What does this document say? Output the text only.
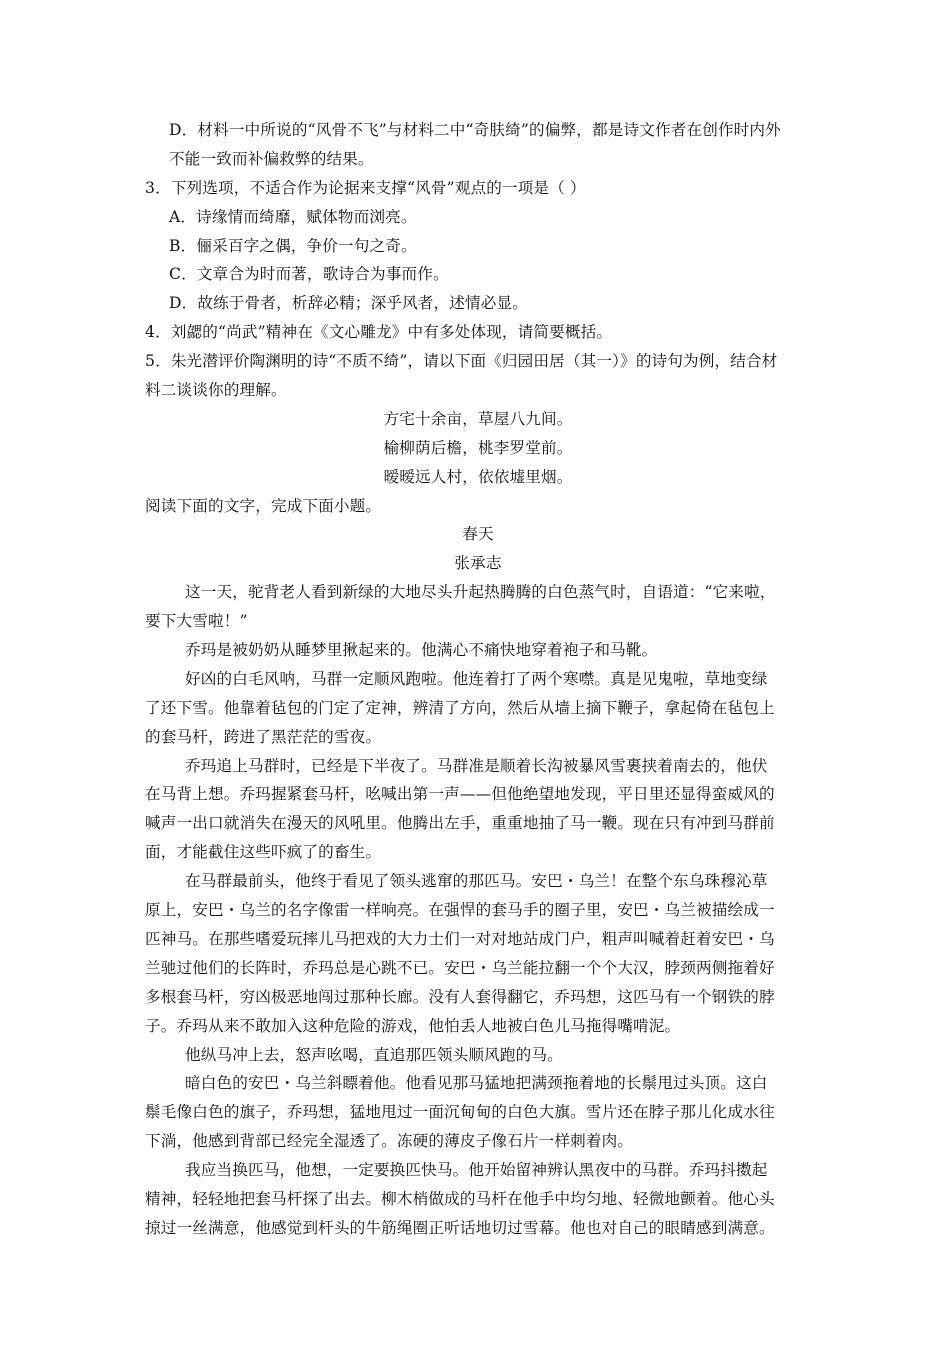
D．材料一中所说的“风骨不飞”与材料二中“奇肤绮”的偏弊，都是诗文作者在创作时内外
不能一致而补偏救弊的结果。
3．下列选项，不适合作为论据来支撑“风骨”观点的一项是（ ）
A．诗缘情而绮靡，赋体物而浏亮。
B．俪采百字之偶，争价一句之奇。
C．文章合为时而著，歌诗合为事而作。
D．故练于骨者，析辞必精；深乎风者，述情必显。
4．刘勰的“尚武”精神在《文心雕龙》中有多处体现，请简要概括。
5．朱光潜评价陶渊明的诗“不质不绮”，请以下面《归园田居（其一）》的诗句为例，结合材
料二谈谈你的理解。
方宅十余亩，草屋八九间。
榆柳荫后檐，桃李罗堂前。
暧暧远人村，依依墟里烟。
阅读下面的文字，完成下面小题。
春天
张承志
这一天，驼背老人看到新绿的大地尽头升起热腾腾的白色蒸气时，自语道：“它来啦，
要下大雪啦！”
乔玛是被奶奶从睡梦里揪起来的。他满心不痛快地穿着袍子和马靴。
好凶的白毛风呐，马群一定顺风跑啦。他连着打了两个寒噤。真是见鬼啦，草地变绿
了还下雪。他靠着毡包的门定了定神，辨清了方向，然后从墙上摘下鞭子，拿起倚在毡包上
的套马杆，跨进了黑茫茫的雪夜。
乔玛追上马群时，已经是下半夜了。马群准是顺着长沟被暴风雪裹挟着南去的，他伏
在马背上想。乔玛握紧套马杆，吆喊出第一声——但他绝望地发现，平日里还显得蛮威风的
喊声一出口就消失在漫天的风吼里。他腾出左手，重重地抽了马一鞭。现在只有冲到马群前
面，才能截住这些吓疯了的畜生。
在马群最前头，他终于看见了领头逃窜的那匹马。安巴・乌兰！在整个东乌珠穆沁草
原上，安巴・乌兰的名字像雷一样响亮。在强悍的套马手的圈子里，安巴・乌兰被描绘成一
匹神马。在那些嗜爱玩摔儿马把戏的大力士们一对对地站成门户，粗声叫喊着赶着安巴・乌
兰驰过他们的长阵时，乔玛总是心跳不已。安巴・乌兰能拉翻一个个大汉，脖颈两侧拖着好
多根套马杆，穷凶极恶地闯过那种长廊。没有人套得翻它，乔玛想，这匹马有一个钢铁的脖
子。乔玛从来不敢加入这种危险的游戏，他怕丢人地被白色儿马拖得嘴啃泥。
他纵马冲上去，怒声吆喝，直追那匹领头顺风跑的马。
暗白色的安巴・乌兰斜瞟着他。他看见那马猛地把满颈拖着地的长鬃甩过头顶。这白
鬃毛像白色的旗子，乔玛想，猛地甩过一面沉甸甸的白色大旗。雪片还在脖子那儿化成水往
下淌，他感到背部已经完全湿透了。冻硬的薄皮子像石片一样刺着肉。
我应当换匹马，他想，一定要换匹快马。他开始留神辨认黑夜中的马群。乔玛抖擞起
精神，轻轻地把套马杆探了出去。柳木梢做成的马杆在他手中均匀地、轻微地颤着。他心头
掠过一丝满意，他感觉到杆头的牛筋绳圈正听话地切过雪幕。他也对自己的眼睛感到满意。
